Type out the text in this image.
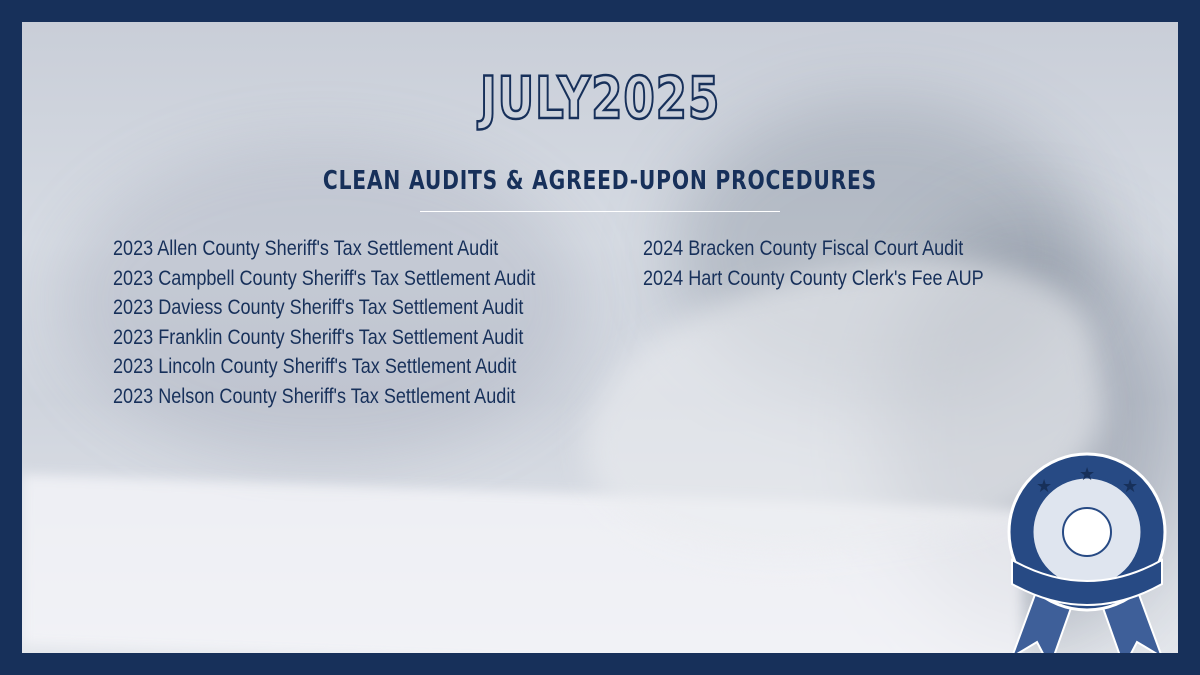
JULY2025
CLEAN AUDITS & AGREED-UPON PROCEDURES
2023 Allen County Sheriff's Tax Settlement Audit
2023 Campbell County Sheriff's Tax Settlement Audit
2023 Daviess County Sheriff's Tax Settlement Audit
2023 Franklin County Sheriff's Tax Settlement Audit
2023 Lincoln County Sheriff's Tax Settlement Audit
2023 Nelson County Sheriff's Tax Settlement Audit
2024 Bracken County Fiscal Court Audit
2024 Hart County County Clerk's Fee AUP
★
★
★
